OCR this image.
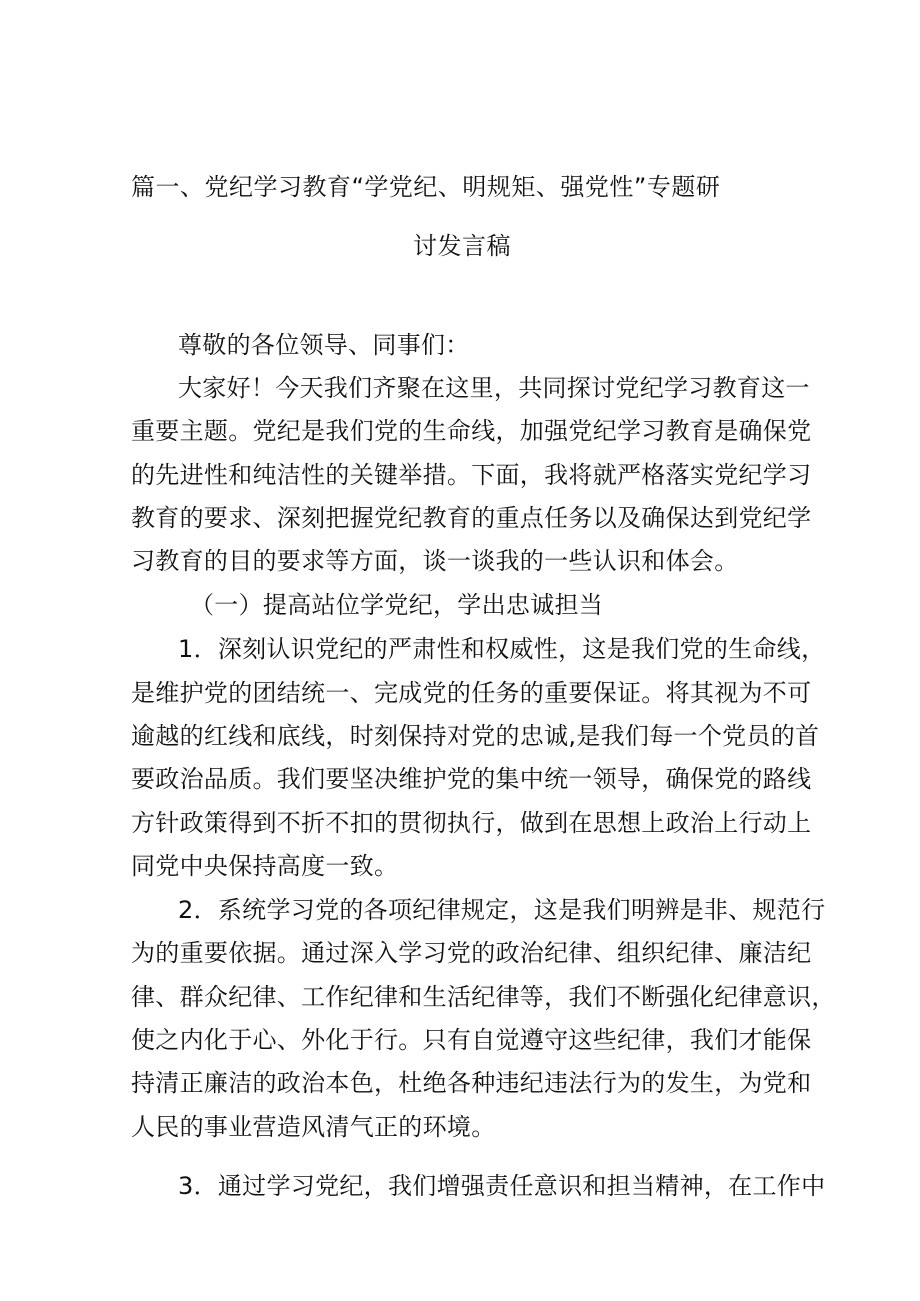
篇一、党纪学习教育“学党纪、明规矩、强党性”专题研
讨发言稿
尊敬的各位领导、同事们：
大家好！今天我们齐聚在这里，共同探讨党纪学习教育这一
重要主题。党纪是我们党的生命线，加强党纪学习教育是确保党
的先进性和纯洁性的关键举措。下面，我将就严格落实党纪学习
教育的要求、深刻把握党纪教育的重点任务以及确保达到党纪学
习教育的目的要求等方面，谈一谈我的一些认识和体会。
（一）提高站位学党纪，学出忠诚担当
1．深刻认识党纪的严肃性和权威性，这是我们党的生命线，
是维护党的团结统一、完成党的任务的重要保证。将其视为不可
逾越的红线和底线，时刻保持对党的忠诚,是我们每一个党员的首
要政治品质。我们要坚决维护党的集中统一领导，确保党的路线
方针政策得到不折不扣的贯彻执行，做到在思想上政治上行动上
同党中央保持高度一致。
2．系统学习党的各项纪律规定，这是我们明辨是非、规范行
为的重要依据。通过深入学习党的政治纪律、组织纪律、廉洁纪
律、群众纪律、工作纪律和生活纪律等，我们不断强化纪律意识，
使之内化于心、外化于行。只有自觉遵守这些纪律，我们才能保
持清正廉洁的政治本色，杜绝各种违纪违法行为的发生，为党和
人民的事业营造风清气正的环境。
3．通过学习党纪，我们增强责任意识和担当精神，在工作中
